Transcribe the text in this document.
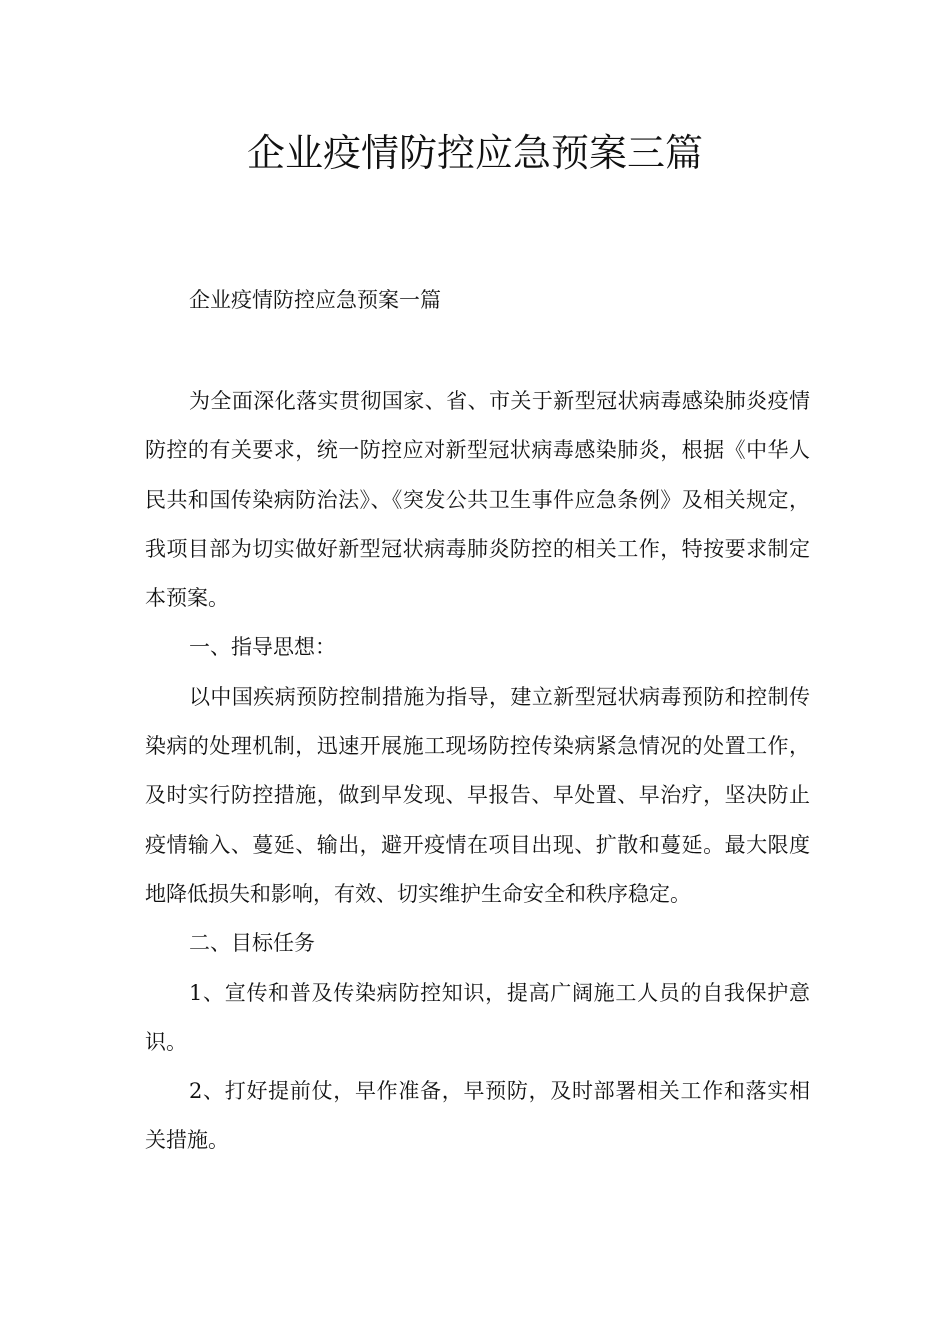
企业疫情防控应急预案三篇
企业疫情防控应急预案一篇

为全面深化落实贯彻国家、省、市关于新型冠状病毒感染肺炎疫情防控的有关要求，统一防控应对新型冠状病毒感染肺炎，根据《中华人民共和国传染病防治法》、《突发公共卫生事件应急条例》及相关规定，我项目部为切实做好新型冠状病毒肺炎防控的相关工作，特按要求制定本预案。

一、指导思想：

以中国疾病预防控制措施为指导，建立新型冠状病毒预防和控制传染病的处理机制，迅速开展施工现场防控传染病紧急情况的处置工作，及时实行防控措施，做到早发现、早报告、早处置、早治疗，坚决防止疫情输入、蔓延、输出，避开疫情在项目出现、扩散和蔓延。最大限度地降低损失和影响，有效、切实维护生命安全和秩序稳定。

二、目标任务

1、宣传和普及传染病防控知识，提高广阔施工人员的自我保护意识。

2、打好提前仗，早作准备，早预防，及时部署相关工作和落实相关措施。
